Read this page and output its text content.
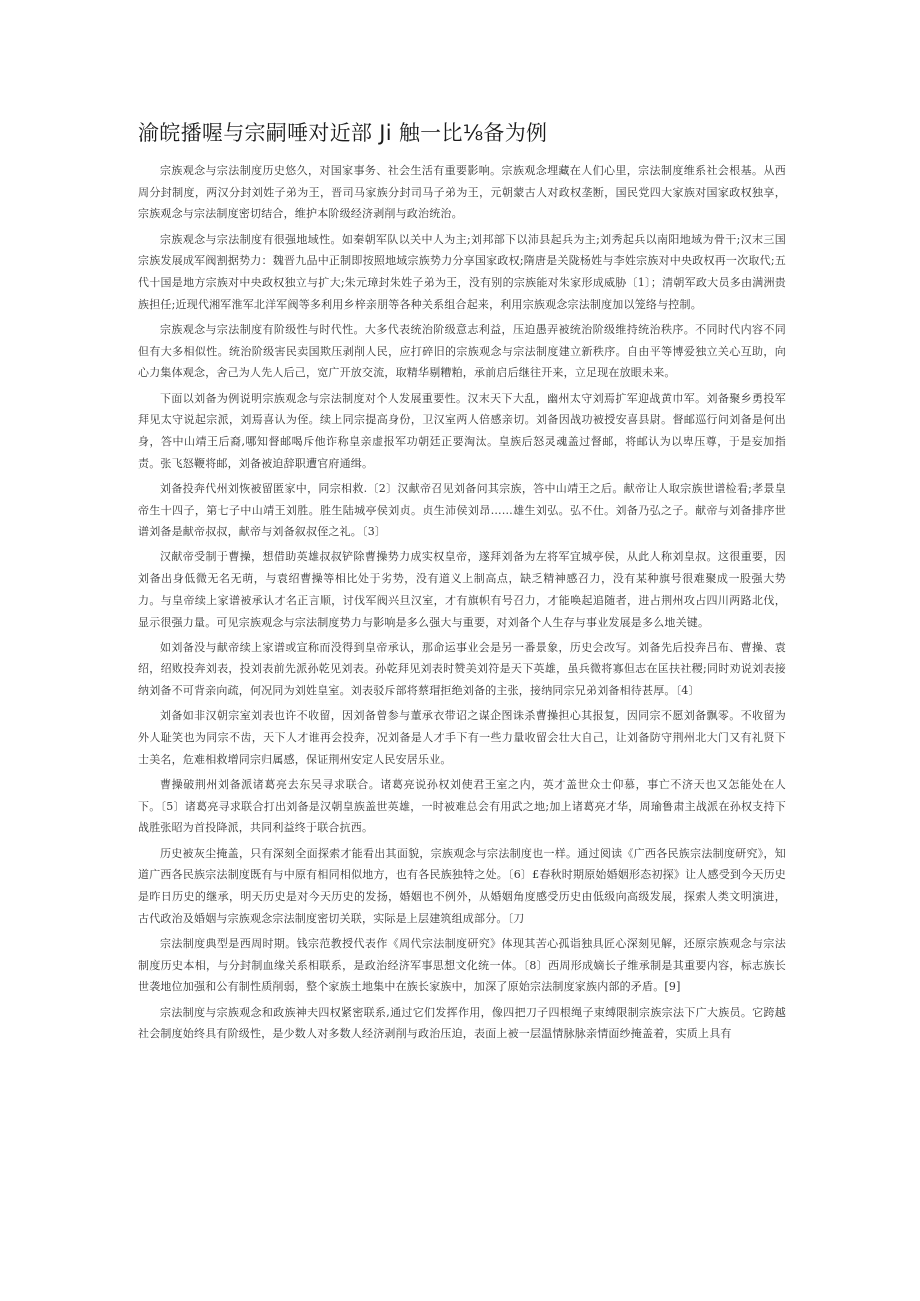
渝皖播喔与宗嗣唾对近部 Ji 触一比⅛备为例

宗族观念与宗法制度历史悠久，对国家事务、社会生活有重要影响。宗族观念埋藏在人们心里，宗法制度维系社会根基。从西周分封制度，两汉分封刘姓子弟为王，晋司马家族分封司马子弟为王，元朝蒙古人对政权垄断，国民党四大家族对国家政权独享，宗族观念与宗法制度密切结合，维护本阶级经济剥削与政治统治。

宗族观念与宗法制度有很强地域性。如秦朝军队以关中人为主;刘邦部下以沛县起兵为主;刘秀起兵以南阳地域为骨干;汉末三国宗族发展成军阀割据势力：魏晋九品中正制即按照地域宗族势力分享国家政权;隋唐是关陇杨姓与李姓宗族对中央政权再一次取代;五代十国是地方宗族对中央政权独立与扩大;朱元璋封朱姓子弟为王，没有别的宗族能对朱家形成威胁〔1〕；清朝军政大员多由满洲贵族担任;近现代湘军淮军北洋军阀等多利用乡梓亲朋等各种关系组合起来，利用宗族观念宗法制度加以笼络与控制。

宗族观念与宗法制度有阶级性与时代性。大多代表统治阶级意志利益，压迫愚弄被统治阶级维持统治秩序。不同时代内容不同但有大多相似性。统治阶级害民卖国欺压剥削人民，应打碎旧的宗族观念与宗法制度建立新秩序。自由平等博爱独立关心互助，向心力集体观念，舍己为人先人后己，宽广开放交流，取精华剔糟粕，承前启后继往开来，立足现在放眼未来。

下面以刘备为例说明宗族观念与宗法制度对个人发展重要性。汉末天下大乱，幽州太守刘焉扩军迎战黄巾军。刘备聚乡勇投军拜见太守说起宗派，刘焉喜认为侄。续上同宗提高身份，卫汉室两人倍感亲切。刘备因战功被授安喜县尉。督邮巡行问刘备是何出身，答中山靖王后裔,哪知督邮喝斥他诈称皇亲虚报军功朝廷正要淘汰。皇族后怒灵魂盖过督邮，将邮认为以卑压尊，于是妄加指责。张飞怒鞭将邮，刘备被迫辞职遭官府通缉。

刘备投奔代州刘恢被留匿家中，同宗相救.〔2〕汉献帝召见刘备问其宗族，答中山靖王之后。献帝让人取宗族世谱检看;孝景皇帝生十四子，第七子中山靖王刘胜。胜生陆城亭侯刘贞。贞生沛侯刘昂……雄生刘弘。弘不仕。刘备乃弘之子。献帝与刘备排序世谱刘备是献帝叔叔，献帝与刘备叙叔侄之礼。〔3〕

汉献帝受制于曹操，想借助英雄叔叔铲除曹操势力成实权皇帝，遂拜刘备为左将军宜城亭侯，从此人称刘皇叔。这很重要，因刘备出身低微无名无萌，与袁绍曹操等相比处于劣势，没有道义上制高点，缺乏精神感召力，没有某种旗号很难聚成一股强大势力。与皇帝续上家谱被承认才名正言顺，讨伐军阀兴旦汉室，才有旗帜有号召力，才能唤起追随者，进占荆州攻占四川两路北伐，显示很强力量。可见宗族观念与宗法制度势力与影响是多么强大与重要，对刘备个人生存与事业发展是多么地关键。

如刘备没与献帝续上家谱或宣称而没得到皇帝承认，那命运事业会是另一番景象，历史会改写。刘备先后投奔吕布、曹操、袁绍，绍败投奔刘表，投刘表前先派孙乾见刘表。孙乾拜见刘表时赞美刘符是天下英雄，虽兵微将寡但志在匡扶社稷;同时劝说刘表接纳刘备不可背亲向疏，何况同为刘姓皇室。刘表驳斥部将蔡瑁拒绝刘备的主张，接纳同宗兄弟刘备相待甚厚。〔4〕

刘备如非汉朝宗室刘表也许不收留，因刘备曾参与董承衣带诏之谋企图诛杀曹操担心其报复，因同宗不愿刘备飘零。不收留为外人耻笑也为同宗不齿，天下人才谁再会投奔，况刘备是人才手下有一些力量收留会壮大自己，让刘备防守荆州北大门又有礼贤下士美名，危难相救增同宗归属感，保证荆州安定人民安居乐业。

曹操破荆州刘备派诸葛亮去东吴寻求联合。诸葛亮说孙权刘使君王室之内，英才盖世众士仰慕，事亡不济天也又怎能处在人下。〔5〕诸葛亮寻求联合打出刘备是汉朝皇族盖世英雄，一时被难总会有用武之地;加上诸葛亮才华，周瑜鲁肃主战派在孙权支持下战胜张昭为首投降派，共同利益终于联合抗西。

历史被灰尘掩盖，只有深刻全面探索才能看出其面貌，宗族观念与宗法制度也一样。通过阅读《广西各民族宗法制度研究》，知道广西各民族宗法制度既有与中原有相同相似地方，也有各民族独特之处。〔6〕£春秋时期原始婚姻形态初探》让人感受到今天历史是昨日历史的继承，明天历史是对今天历史的发扬，婚姻也不例外，从婚姻角度感受历史由低级向高级发展，探索人类文明演进，古代政治及婚姻与宗族观念宗法制度密切关联，实际是上层建筑组成部分。〔刀

宗法制度典型是西周时期。钱宗范教授代表作《周代宗法制度研究》体现其苦心孤诣独具匠心深刻见解，还原宗族观念与宗法制度历史本相，与分封制血缘关系相联系，是政治经济军事思想文化统一体。〔8〕西周形成嫡长子维承制是其重要内容，标志族长世袭地位加强和公有制性质削弱，整个家族土地集中在族长家族中，加深了原始宗法制度家族内部的矛盾。[9]

宗法制度与宗族观念和政族神夫四权紧密联系,通过它们发挥作用，像四把刀子四根绳子束缚限制宗族宗法下广大族员。它跨越社会制度始终具有阶级性，是少数人对多数人经济剥削与政治压迫，表面上被一层温情脉脉亲情面纱掩盖着，实质上具有
